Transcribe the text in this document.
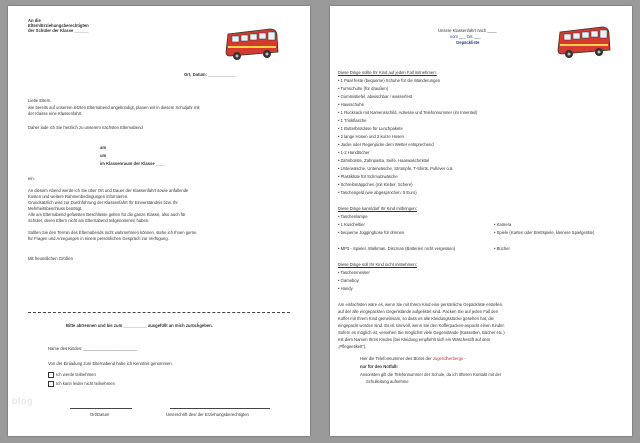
An die
Eltern/Erziehungsberechtigten
der Schüler der Klasse ______
Ort, Datum: ____________
Liebe Eltern,
wie bereits auf unserem letzten Elternabend angekündigt, planen wir in diesem Schuljahr mit
der Klasse eine Klassenfahrt.
Daher lade ich Sie herzlich zu unserem nächsten Elternabend
am
um
im Klassenraum der Klasse ____
ein.
An diesem Abend werde ich Sie über Ort und Dauer der Klassenfahrt sowie anfallende
Kosten und weitere Rahmenbedingungen informieren.
Grundsätzlich wird zur Durchführung der Klassenfahrt Ihr Einverständnis bzw. Ihr
Mehrheitsbeschluss benötigt.
Alle am Elternabend gefassten Beschlüsse gelten für die ganze Klasse, also auch für
Schüler, deren Eltern nicht am Elternabend teilgenommen haben.
Sollten Sie den Termin des Elternabends nicht wahrnehmen können, stehe ich Ihnen gerne
für Fragen und Anregungen in einem persönlichen Gespräch zur Verfügung.
Mit freundlichen Grüßen
Bitte abtrennen und bis zum __________ ausgefüllt an mich zurückgeben.
Name des Kindes: _______________________
Von der Einladung zum Elternabend habe ich Kenntnis genommen.
Ich werde teilnehmen
Ich kann leider nicht teilnehmen
Ort/Datum	Unterschrift des/ der Erziehungsberechtigten
blog
Unsere Klassenfahrt nach ____
vom ___ bis ___
Gepäckliste
Diese Dinge sollte Ihr Kind auf jeden Fall mitnehmen:
Diese Dinge kann/darf Ihr Kind mitbringen:
• Taschenlampe
• 1 Kuscheltier
• bequeme Jogginghose für drinnen
• MP3 - Spieler, Walkman, Discman (Batterien nicht vergessen)
• Kamera
• Spiele (Karten oder Brettspiele, kleinere Spielgeräte)
• Bücher
Diese Dinge soll Ihr Kind nicht mitnehmen:
• Taschenmesser
• Gameboy
• Handy
Am einfachsten wäre es, wenn Sie mit Ihrem Kind eine persönliche Gepäckliste erstellen,
auf der alle eingepackten Gegenstände aufgelistet sind. Packen Sie auf jeden Fall den
Koffer mit Ihrem Kind gemeinsam, so dass es alle Kleidungsstücke gesehen hat, die
eingepackt worden sind. Es ist sinnvoll, wenn Sie den Kofferpacken-anpackt einen Kinder.
Sofern es möglich ist, versehen Sie möglichst viele Gegenstände (Kassetten, Bücher etc.)
mit dem Namen Ihres Kindes (bei Kleidung empfiehlt sich ein Wäschestift auf dem
„Pflegeetikett“).
Hier die Telefonnummer des Büros der Jugendherberge -
nur für den Notfall!
Ansonsten gilt die Telefonnummer der Schule, da ich öfteren Kontakt mit der
Schulleitung aufnehme
• 1 Paar feste (bequeme) Schuhe für die Wanderungen
• Turnschuhe (für draußen)
• Gummistiefel, abwischbar / wasserfest
• Hausschuhe
• 1 Rucksack mit Namensschild, Adresse und Telefonnummer (im Innenteil)
• 1 Trinkflasche
• 1 Butterbrotdose für Lunchpakete
• 2 lange Hosen und 2 kurze Hosen
• Jacke oder Regenjacke dem Wetter entsprechend
• 1-2 Handtücher
• Zahnbürste, Zahnpasta, Seife, Haarwaschmittel
• Unterwäsche, Unterwäsche, Strümpfe, T-Shirts, Pullover o.ä.
• Plastiktüte für Schmutzwäsche
• Schreibmäppchen (mit Kleber, Schere)
• Taschengeld (wie abgesprochen: 5 Euro)
